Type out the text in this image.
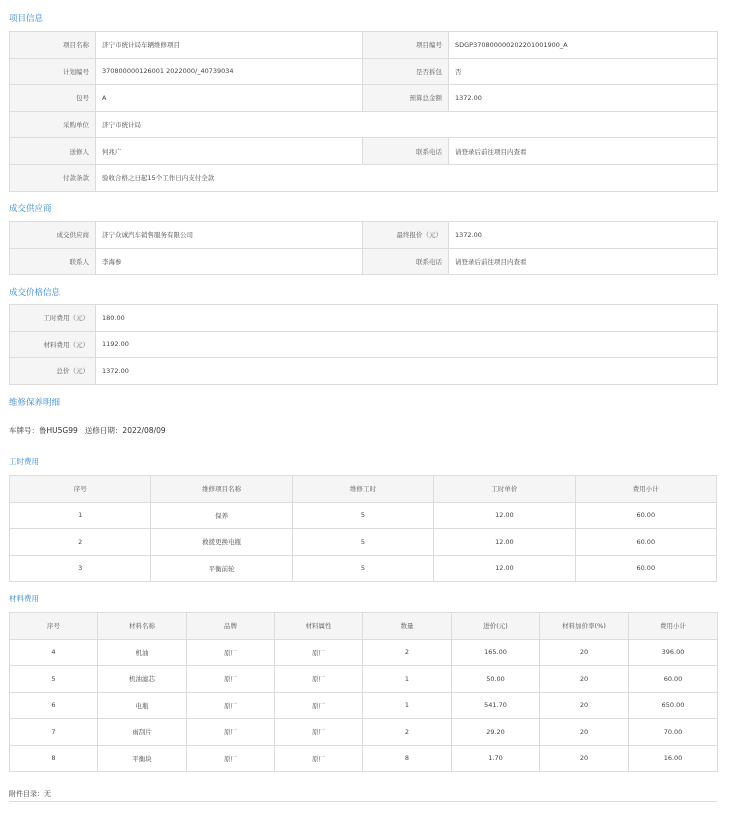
项目信息
项目名称	济宁市统计局车辆维修项目	项目编号	SDGP370800000202201001900_A
计划编号	370800000126001 2022000/_40739034	是否拆包	否
包号	A	预算总金额	1372.00
采购单位	济宁市统计局		
送修人	何兆广	联系电话	请登录后前往项目内查看
付款条款	验收合格之日起15个工作日内支付全款		
成交供应商
成交供应商	济宁众诚汽车销售服务有限公司	最终报价（元）	1372.00
联系人	李海参	联系电话	请登录后前往项目内查看
成交价格信息
工时费用（元）	180.00
材料费用（元）	1192.00
总价（元）	1372.00
维修保养明细
车牌号：鲁HU5G99 送修日期：2022/08/09
工时费用
序号	维修项目名称	维修工时	工时单价	费用小计
1	保养	5	12.00	60.00
2	救援更换电瓶	5	12.00	60.00
3	平衡前轮	5	12.00	60.00
材料费用
序号	材料名称	品牌	材料属性	数量	进价(元)	材料加价率(%)	费用小计
4	机油	原厂	原厂	2	165.00	20	396.00
5	机油滤芯	原厂	原厂	1	50.00	20	60.00
6	电瓶	原厂	原厂	1	541.70	20	650.00
7	雨刮片	原厂	原厂	2	29.20	20	70.00
8	平衡块	原厂	原厂	8	1.70	20	16.00
附件目录：无
